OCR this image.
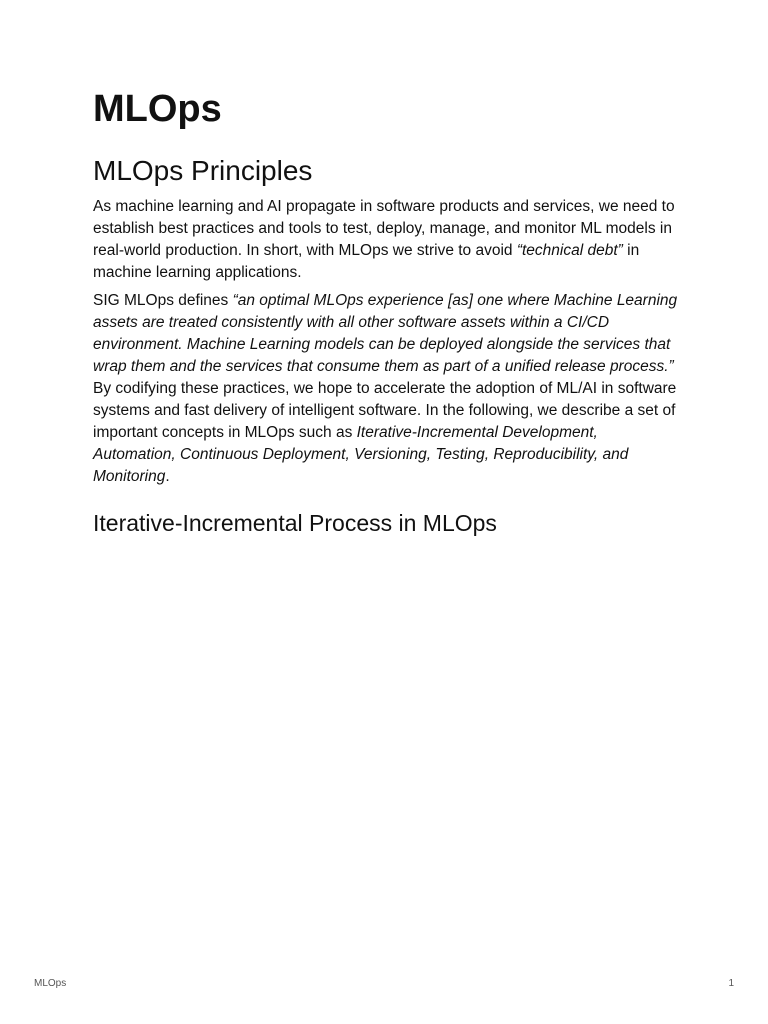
MLOps
MLOps Principles

As machine learning and AI propagate in software products and services, we need to establish best practices and tools to test, deploy, manage, and monitor ML models in real-world production. In short, with MLOps we strive to avoid “technical debt” in machine learning applications.

SIG MLOps defines “an optimal MLOps experience [as] one where Machine Learning assets are treated consistently with all other software assets within a CI/CD environment. Machine Learning models can be deployed alongside the services that wrap them and the services that consume them as part of a unified release process.” By codifying these practices, we hope to accelerate the adoption of ML/AI in software systems and fast delivery of intelligent software. In the following, we describe a set of important concepts in MLOps such as Iterative-Incremental Development, Automation, Continuous Deployment, Versioning, Testing, Reproducibility, and Monitoring.

Iterative-Incremental Process in MLOps
MLOps	1
